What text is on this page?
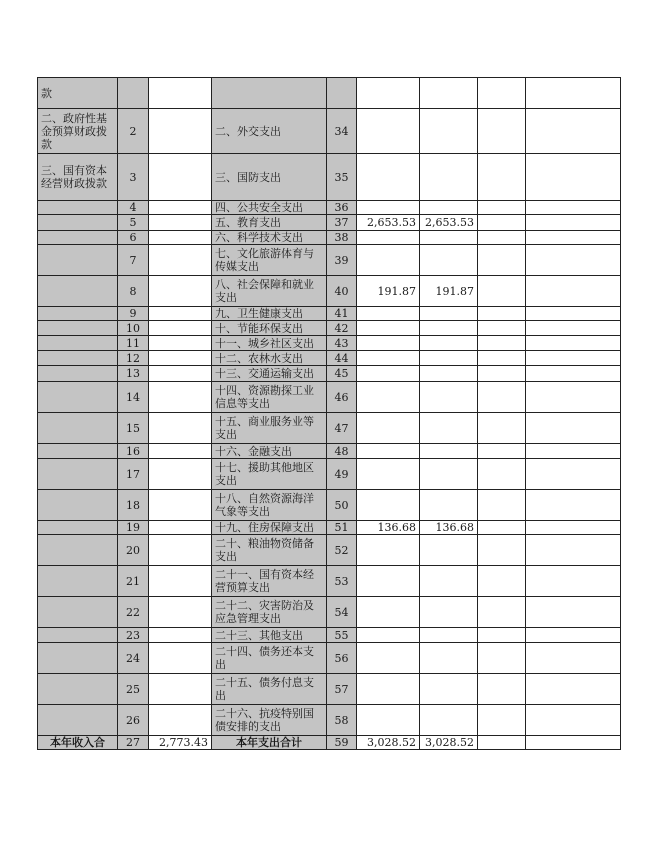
款								
二、政府性基金预算财政拨款	2		二、外交支出	34				
三、国有资本经营财政拨款	3		三、国防支出	35				
	4		四、公共安全支出	36				
	5		五、教育支出	37	2,653.53	2,653.53		
	6		六、科学技术支出	38				
	7		七、文化旅游体育与传媒支出	39				
	8		八、社会保障和就业支出	40	191.87	191.87		
	9		九、卫生健康支出	41				
	10		十、节能环保支出	42				
	11		十一、城乡社区支出	43				
	12		十二、农林水支出	44				
	13		十三、交通运输支出	45				
	14		十四、资源勘探工业信息等支出	46				
	15		十五、商业服务业等支出	47				
	16		十六、金融支出	48				
	17		十七、援助其他地区支出	49				
	18		十八、自然资源海洋气象等支出	50				
	19		十九、住房保障支出	51	136.68	136.68		
	20		二十、粮油物资储备支出	52				
	21		二十一、国有资本经营预算支出	53				
	22		二十二、灾害防治及应急管理支出	54				
	23		二十三、其他支出	55				
	24		二十四、债务还本支出	56				
	25		二十五、债务付息支出	57				
	26		二十六、抗疫特别国债安排的支出	58				
本年收入合	27	2,773.43	本年支出合计	59	3,028.52	3,028.52		
